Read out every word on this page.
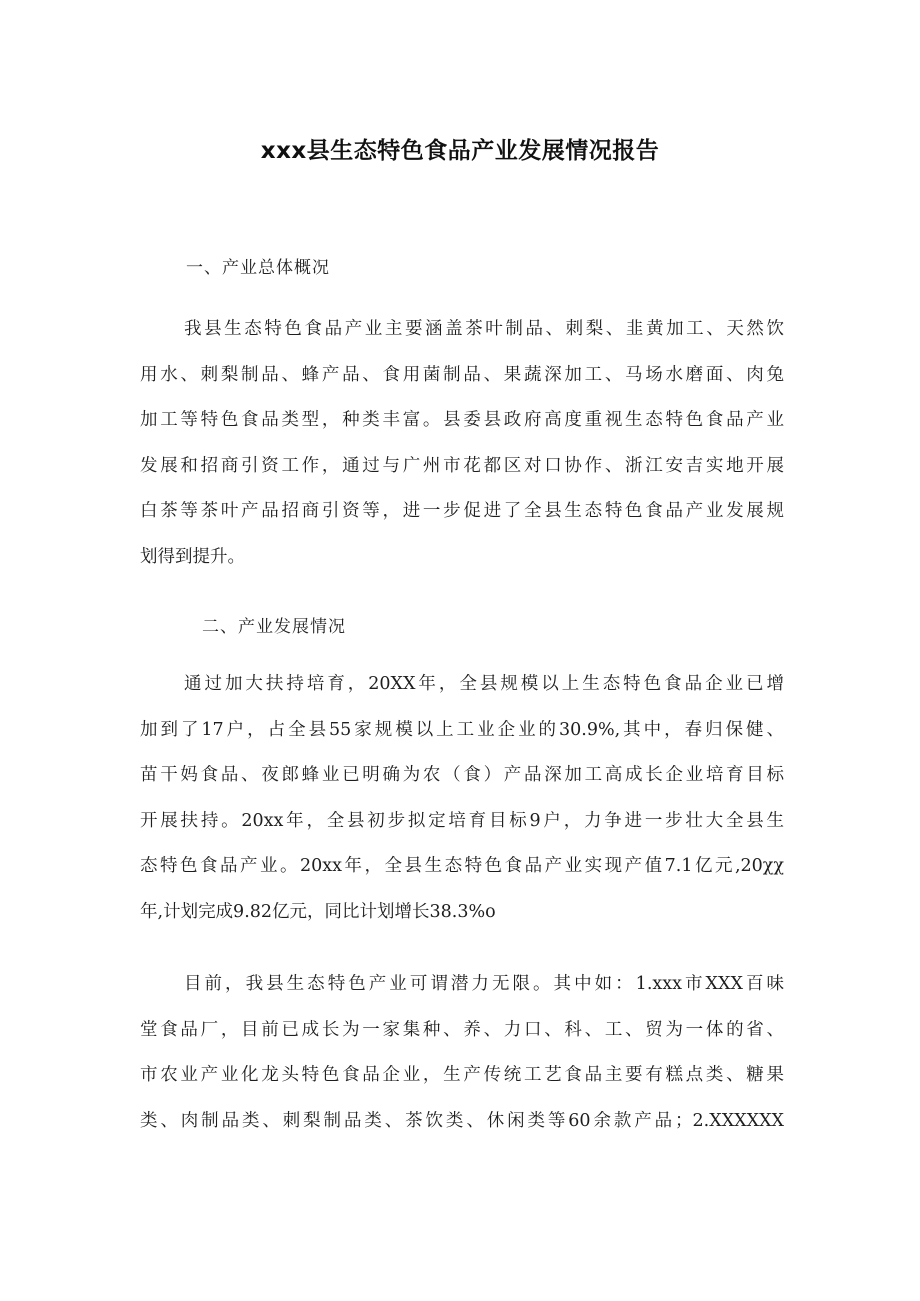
xxx县生态特色食品产业发展情况报告
一、产业总体概况
我县生态特色食品产业主要涵盖茶叶制品、刺梨、韭黄加工、天然饮
用水、刺梨制品、蜂产品、食用菌制品、果蔬深加工、马场水磨面、肉兔
加工等特色食品类型，种类丰富。县委县政府高度重视生态特色食品产业
发展和招商引资工作，通过与广州市花都区对口协作、浙江安吉实地开展
白茶等茶叶产品招商引资等，进一步促进了全县生态特色食品产业发展规
划得到提升。
二、产业发展情况
通过加大扶持培育，20XX年，全县规模以上生态特色食品企业已增
加到了17户，占全县55家规模以上工业企业的30.9%,其中，春归保健、
苗干妈食品、夜郎蜂业已明确为农（食）产品深加工高成长企业培育目标
开展扶持。20xx年，全县初步拟定培育目标9户，力争进一步壮大全县生
态特色食品产业。20xx年，全县生态特色食品产业实现产值7.1亿元,20χχ
年,计划完成9.82亿元，同比计划增长38.3%o
目前，我县生态特色产业可谓潜力无限。其中如：1.xxx市XXX百味
堂食品厂，目前已成长为一家集种、养、力口、科、工、贸为一体的省、
市农业产业化龙头特色食品企业，生产传统工艺食品主要有糕点类、糖果
类、肉制品类、刺梨制品类、茶饮类、休闲类等60余款产品；2.XXXXXX
